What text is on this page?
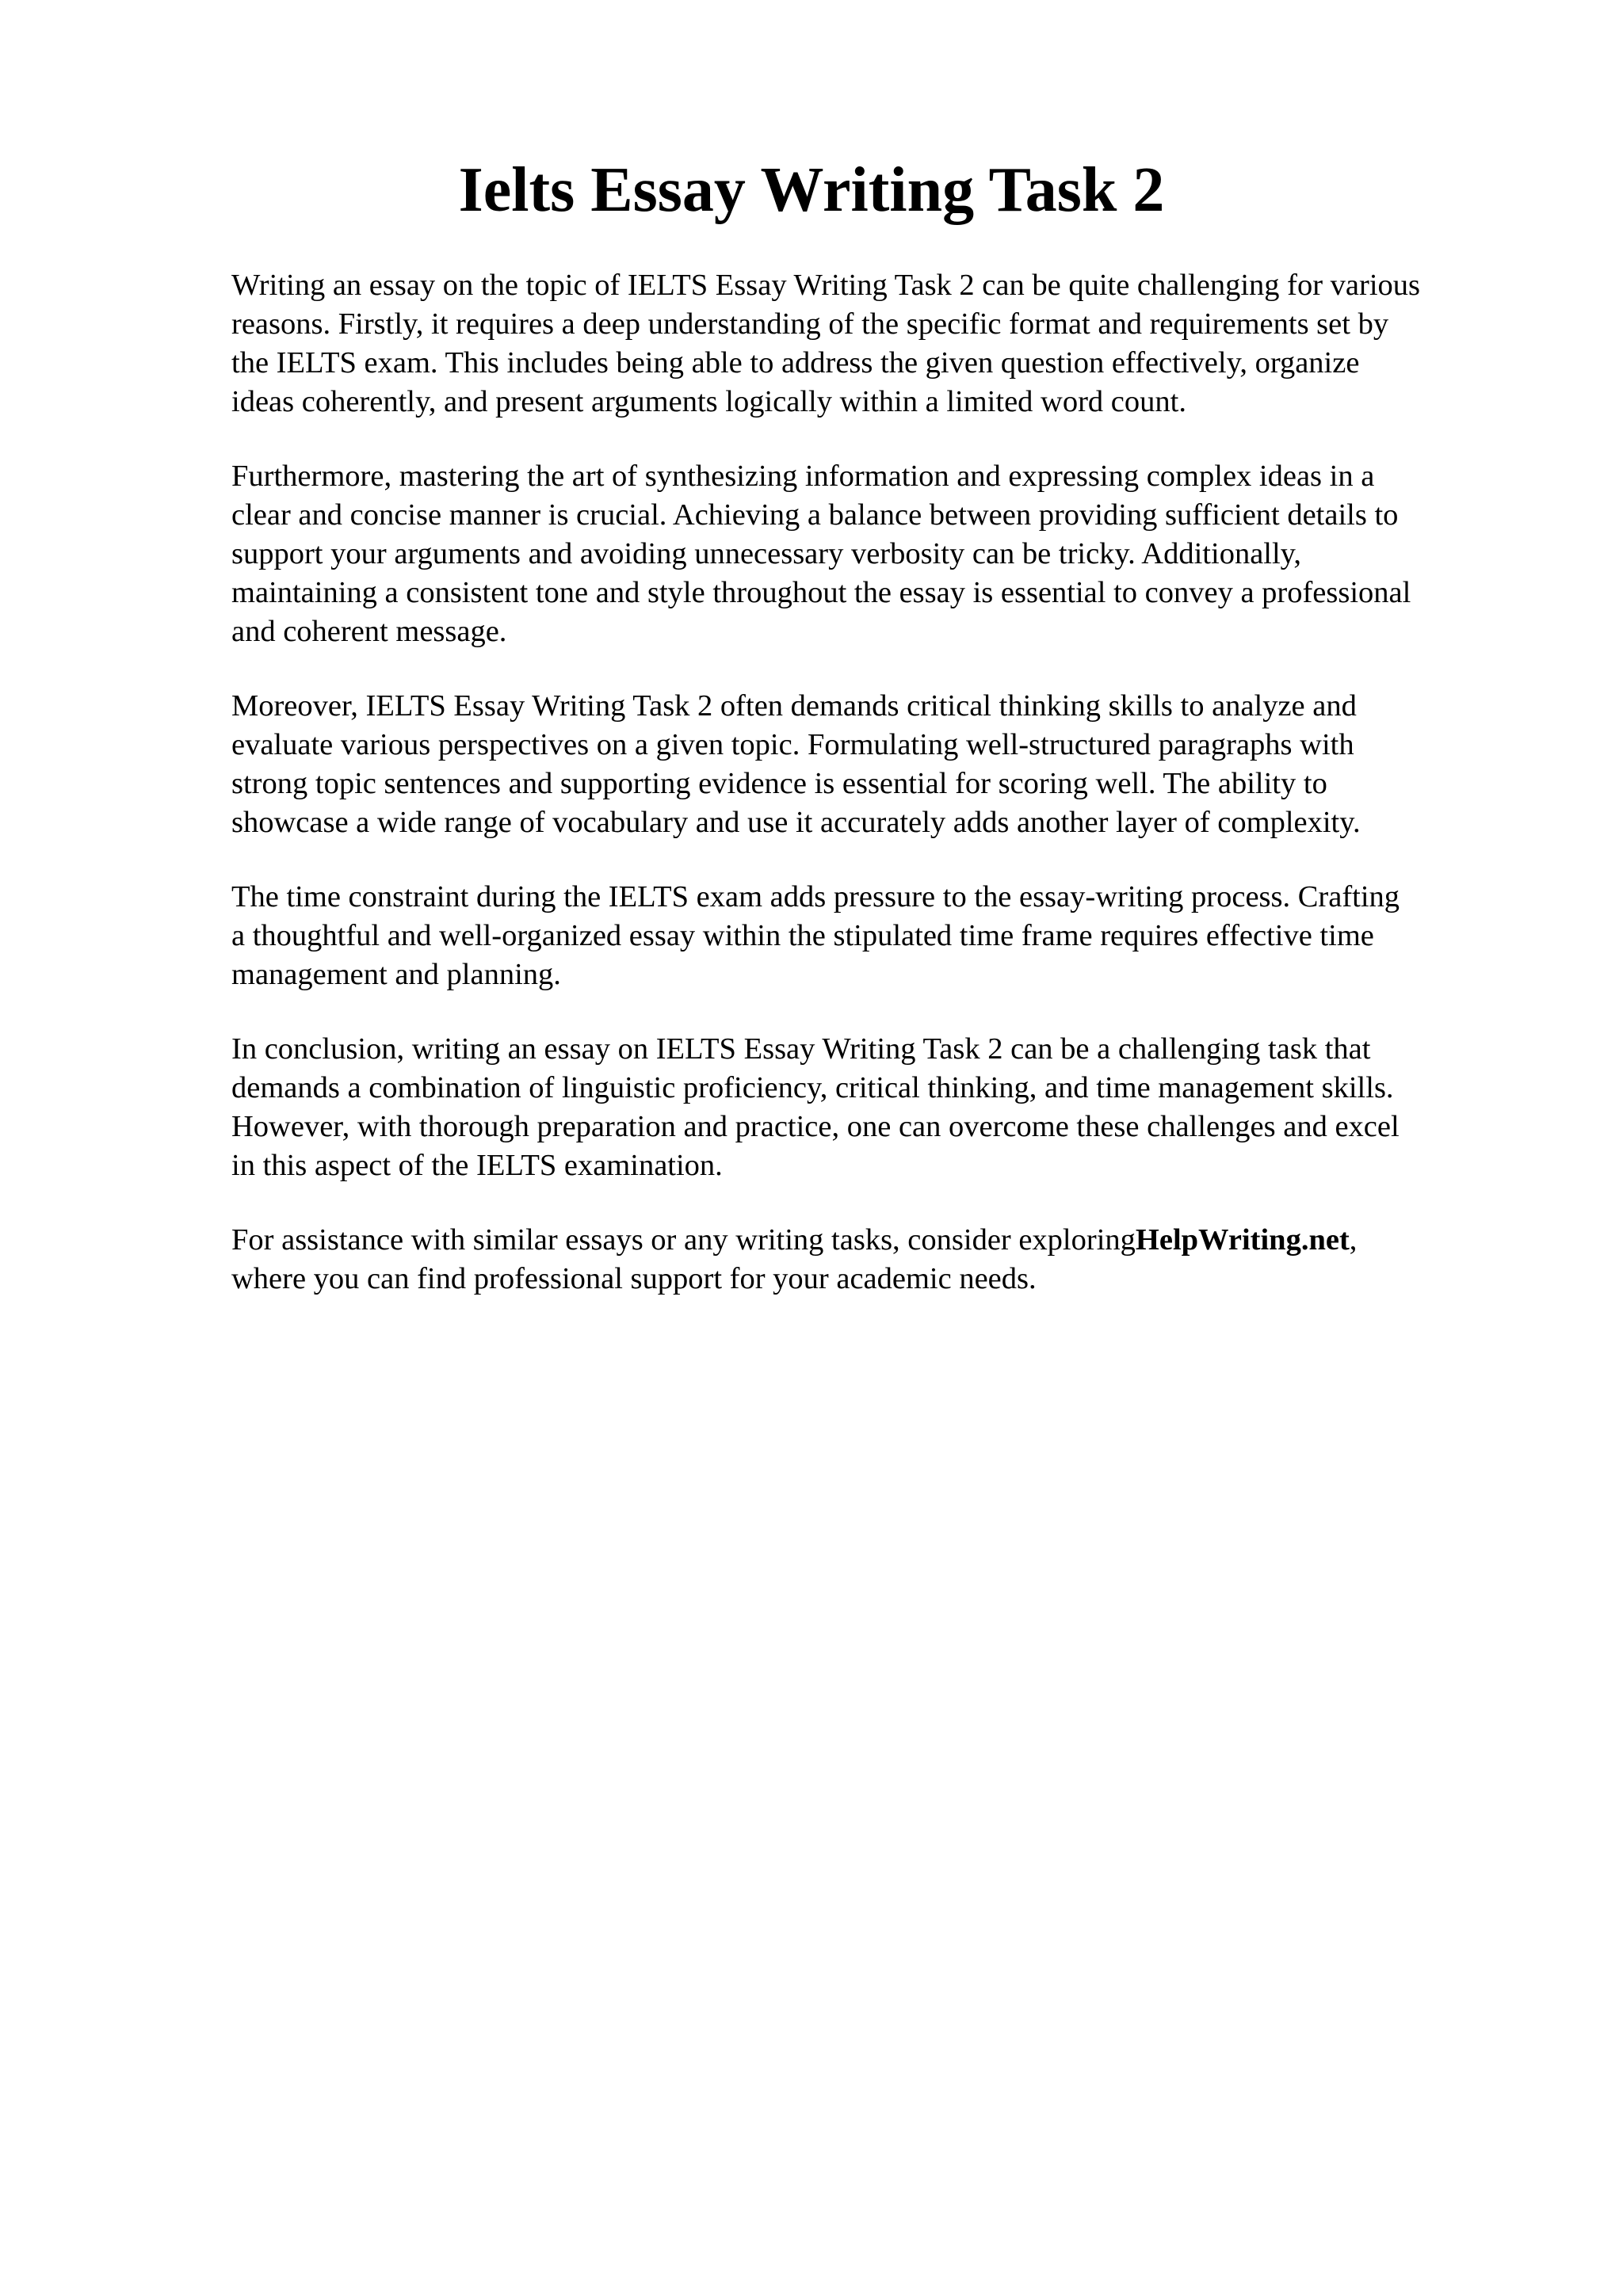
Ielts Essay Writing Task 2

Writing an essay on the topic of IELTS Essay Writing Task 2 can be quite challenging for various
reasons. Firstly, it requires a deep understanding of the specific format and requirements set by
the IELTS exam. This includes being able to address the given question effectively, organize
ideas coherently, and present arguments logically within a limited word count.

Furthermore, mastering the art of synthesizing information and expressing complex ideas in a
clear and concise manner is crucial. Achieving a balance between providing sufficient details to
support your arguments and avoiding unnecessary verbosity can be tricky. Additionally,
maintaining a consistent tone and style throughout the essay is essential to convey a professional
and coherent message.

Moreover, IELTS Essay Writing Task 2 often demands critical thinking skills to analyze and
evaluate various perspectives on a given topic. Formulating well-structured paragraphs with
strong topic sentences and supporting evidence is essential for scoring well. The ability to
showcase a wide range of vocabulary and use it accurately adds another layer of complexity.

The time constraint during the IELTS exam adds pressure to the essay-writing process. Crafting
a thoughtful and well-organized essay within the stipulated time frame requires effective time
management and planning.

In conclusion, writing an essay on IELTS Essay Writing Task 2 can be a challenging task that
demands a combination of linguistic proficiency, critical thinking, and time management skills.
However, with thorough preparation and practice, one can overcome these challenges and excel
in this aspect of the IELTS examination.

For assistance with similar essays or any writing tasks, consider exploringHelpWriting.net,
where you can find professional support for your academic needs.
